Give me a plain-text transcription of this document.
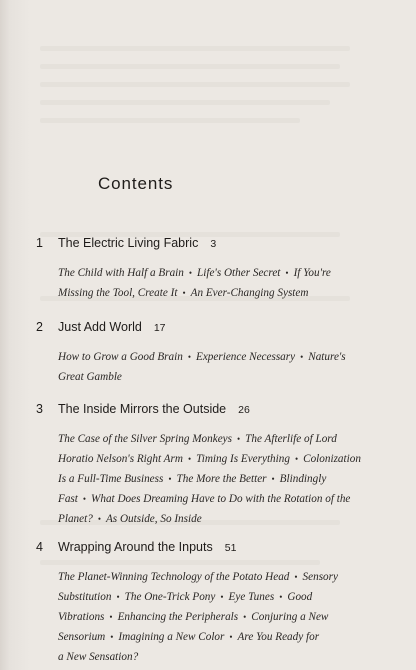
Contents
1	The Electric Living Fabric 3
The Child with Half a Brain • Life's Other Secret • If You're
Missing the Tool, Create It • An Ever-Changing System
2	Just Add World 17
How to Grow a Good Brain • Experience Necessary • Nature's
Great Gamble
3	The Inside Mirrors the Outside 26
The Case of the Silver Spring Monkeys • The Afterlife of Lord
Horatio Nelson's Right Arm • Timing Is Everything • Colonization
Is a Full-Time Business • The More the Better • Blindingly
Fast • What Does Dreaming Have to Do with the Rotation of the
Planet? • As Outside, So Inside
4	Wrapping Around the Inputs 51
The Planet-Winning Technology of the Potato Head • Sensory
Substitution • The One-Trick Pony • Eye Tunes • Good
Vibrations • Enhancing the Peripherals • Conjuring a New
Sensorium • Imagining a New Color • Are You Ready for
a New Sensation?
